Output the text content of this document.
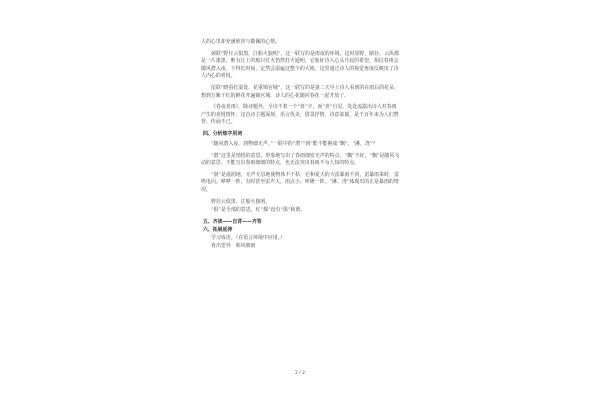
人的心里却充满欣喜与敬佩的心情。

颈联“野径云俱黑，江船火独明”，这一联写的是雨夜的环境。这时原野、路径、云块都是一片漆黑，唯有江上的船只灯火仍然灯火通明，它象征诗人心头升起的希望，相信春雨会随风潜入夜，下得长时间，定然会湿遍这整个的大地。这里通过诗人的视觉角度反映出了诗人内心的喜悦。

尾联“晓看红湿处，花重锦官城”，这一联写的是第二天早上诗人看到的在雨后的花朵，想到万紫千红的鲜花开遍锦官城，诗人的心花随同春花一起开放了。

《春夜喜雨》，除诗题外，全诗不着一个“喜”字，而“喜”自见。处处流露出诗人对春雨产生的喜悦情怀，这首诗主题深刻，语言优美，借景抒情，诗意浓郁，是千百年来为人们赞誉、传诵不已。

四、分析炼字用词

“随风潜入夜，润物细无声。”一联中的“潜”“润”能不能换成“飘”、“淋、浇”？

“潜”这里是悄悄的意思，形象地写出了春雨细密无声的特点。“飘”不好，“飘”是随风飞动的意思，不能写出春雨细细的特点，也无法突出春雨不为人知的特点。

“润”是滋润地，无声无息地使物体不干枯，它和夏天的大雷暴雨不同，雷暴雨来时，雷鸣电闪，哗哗一阵，有时甚至雷声大，雨点小，呼隆一阵。“淋、浇”体现出的正是暴雨的情况。

野径云俱黑，江船火独明。

“俱”是全部的意思，红“都”没有“俱”和谐。

五、齐读——自背——齐背
六、拓展延伸

学习成语。（在语言环境中应用。）

喜出望外　和风细雨

2 / 2
